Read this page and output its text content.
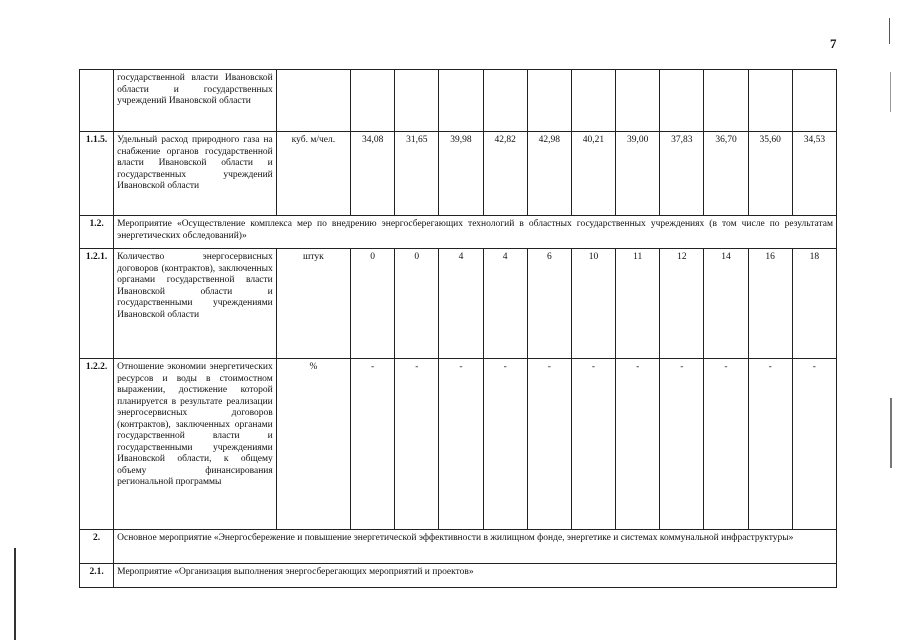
7
	государственной власти Ивановской области и государственных учреждений Ивановской области												
1.1.5.	Удельный расход природного газа на снабжение органов государственной власти Ивановской области и государственных учреждений Ивановской области	куб. м/чел.	34,08	31,65	39,98	42,82	42,98	40,21	39,00	37,83	36,70	35,60	34,53
1.2.	Мероприятие «Осуществление комплекса мер по внедрению энергосберегающих технологий в областных государственных учреждениях (в том числе по результатам энергетических обследований)»												
1.2.1.	Количество энергосервисных договоров (контрактов), заключенных органами государственной власти Ивановской области и государственными учреждениями Ивановской области	штук	0	0	4	4	6	10	11	12	14	16	18
1.2.2.	Отношение экономии энергетических ресурсов и воды в стоимостном выражении, достижение которой планируется в результате реализации энергосервисных договоров (контрактов), заключенных органами государственной власти и государственными учреждениями Ивановской области, к общему объему финансирования региональной программы	%	-	-	-	-	-	-	-	-	-	-	-
2.	Основное мероприятие «Энергосбережение и повышение энергетической эффективности в жилищном фонде, энергетике и системах коммунальной инфраструктуры»												
2.1.	Мероприятие «Организация выполнения энергосберегающих мероприятий и проектов»												
